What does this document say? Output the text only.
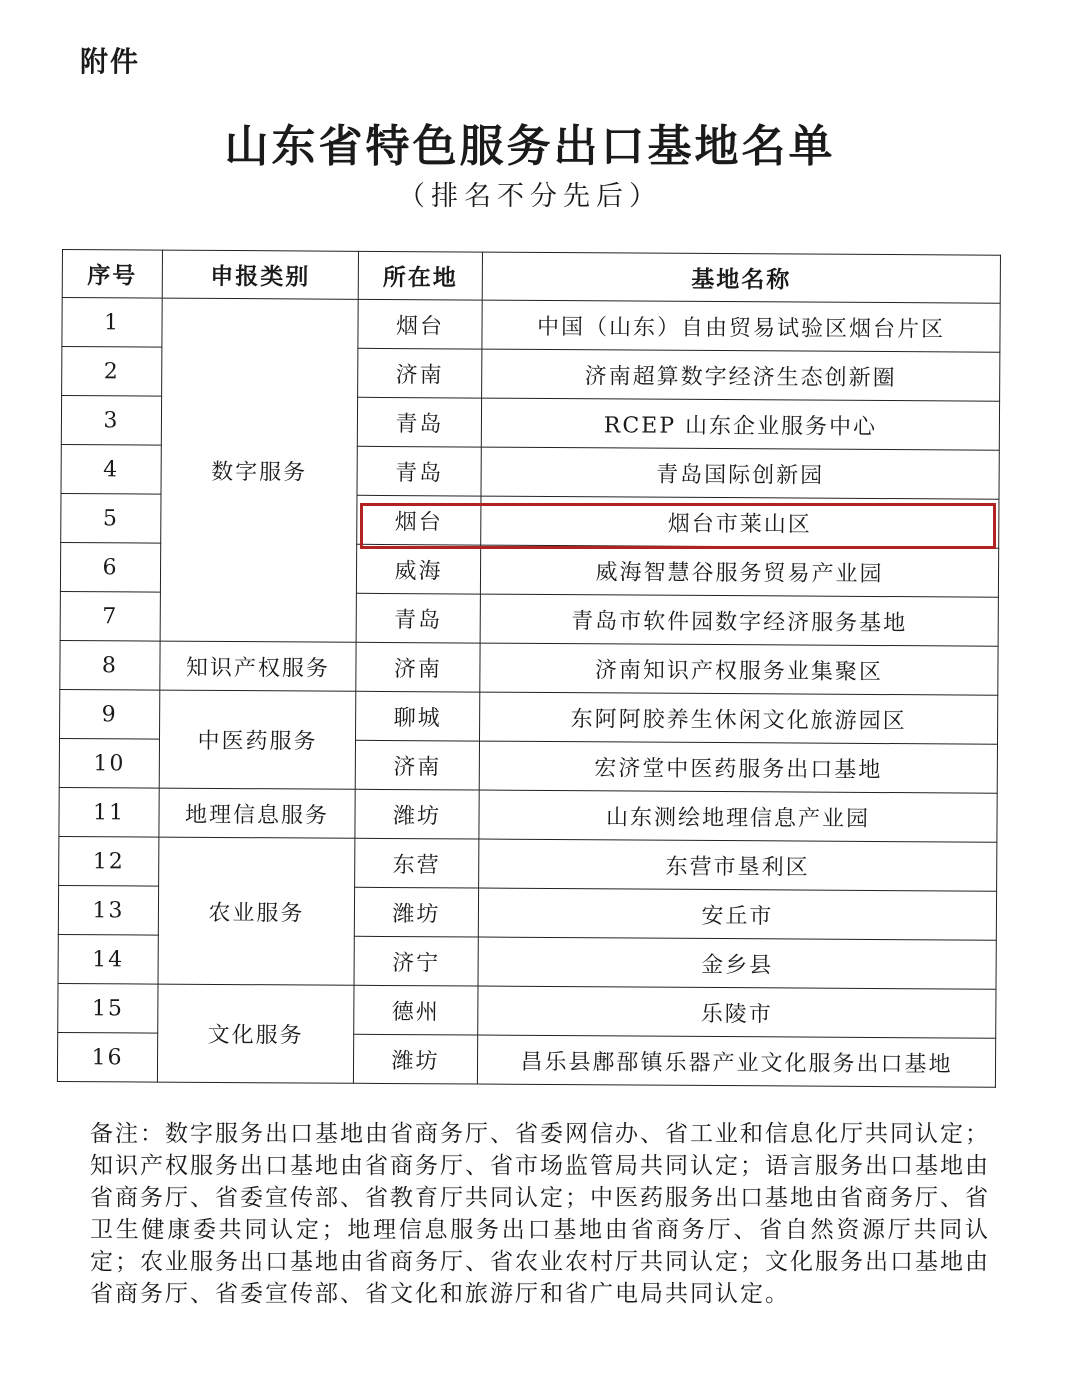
附件
山东省特色服务出口基地名单
（排名不分先后）
序号	申报类别	所在地	基地名称
1	数字服务	烟台	中国（山东）自由贸易试验区烟台片区
2		济南	济南超算数字经济生态创新圈
3		青岛	RCEP 山东企业服务中心
4		青岛	青岛国际创新园
5		烟台	烟台市莱山区
6		威海	威海智慧谷服务贸易产业园
7		青岛	青岛市软件园数字经济服务基地
8	知识产权服务	济南	济南知识产权服务业集聚区
9	中医药服务	聊城	东阿阿胶养生休闲文化旅游园区
10		济南	宏济堂中医药服务出口基地
11	地理信息服务	潍坊	山东测绘地理信息产业园
12	农业服务	东营	东营市垦利区
13		潍坊	安丘市
14		济宁	金乡县
15	文化服务	德州	乐陵市
16		潍坊	昌乐县鄌郚镇乐器产业文化服务出口基地
备注：数字服务出口基地由省商务厅、省委网信办、省工业和信息化厅共同认定；知识产权服务出口基地由省商务厅、省市场监管局共同认定；语言服务出口基地由省商务厅、省委宣传部、省教育厅共同认定；中医药服务出口基地由省商务厅、省卫生健康委共同认定；地理信息服务出口基地由省商务厅、省自然资源厅共同认定；农业服务出口基地由省商务厅、省农业农村厅共同认定；文化服务出口基地由省商务厅、省委宣传部、省文化和旅游厅和省广电局共同认定。
